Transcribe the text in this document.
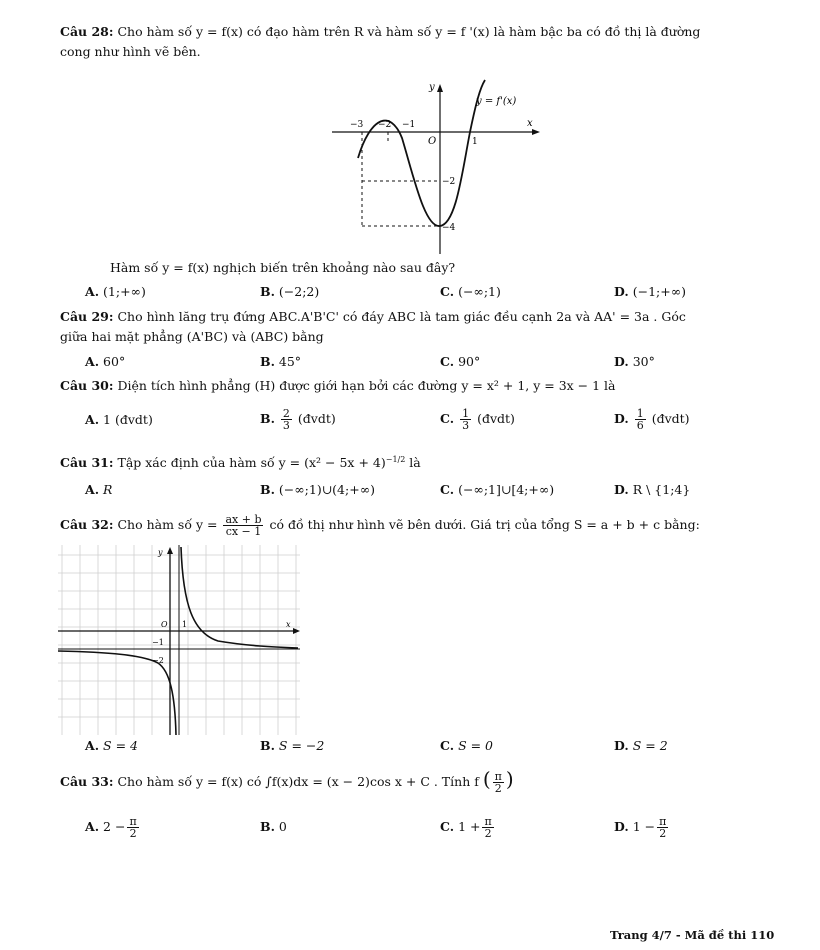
Câu 28: Cho hàm số y = f(x) có đạo hàm trên R và hàm số y = f '(x) là hàm bậc ba có đồ thị là đường
cong như hình vẽ bên.
y
x
O
y = f'(x)
−3 −2 −1
1
−2
−4
Hàm số y = f(x) nghịch biến trên khoảng nào sau đây?
A. (1;+∞)	B. (−2;2)	C. (−∞;1)	D. (−1;+∞)
Câu 29: Cho hình lăng trụ đứng ABC.A'B'C' có đáy ABC là tam giác đều cạnh 2a và AA' = 3a . Góc
giữa hai mặt phẳng (A'BC) và (ABC) bằng
A. 60°	B. 45°	C. 90°	D. 30°
Câu 30: Diện tích hình phẳng (H) được giới hạn bởi các đường y = x² + 1, y = 3x − 1 là
A. 1 (đvdt)	B. $\frac{2}{3}$ (đvdt)	C. $\frac{1}{3}$ (đvdt)	D. $\frac{1}{6}$ (đvdt)
Câu 31: Tập xác định của hàm số $y = (x^2 - 5x + 4)^{-1/2}$ là
A. R	B. (−∞;1)∪(4;+∞)	C. (−∞;1]∪[4;+∞)	D. R \ {1;4}
Câu 32: Cho hàm số $y = \frac{ax + b}{cx - 1}$ có đồ thị như hình vẽ bên dưới. Giá trị của tổng S = a + b + c bằng:
y
x
O 1
−1
−2
A. S = 4	B. S = −2	C. S = 0	D. S = 2
Câu 33: Cho hàm số y = f(x) có ∫f(x)dx = (x − 2)cos x + C . Tính f ( $\frac{\pi}{2}$ )
A. $2 - \frac{\pi}{2}$	B. 0	C. $1 + \frac{\pi}{2}$	D. $1 - \frac{\pi}{2}$
Trang 4/7 - Mã đề thi 110
